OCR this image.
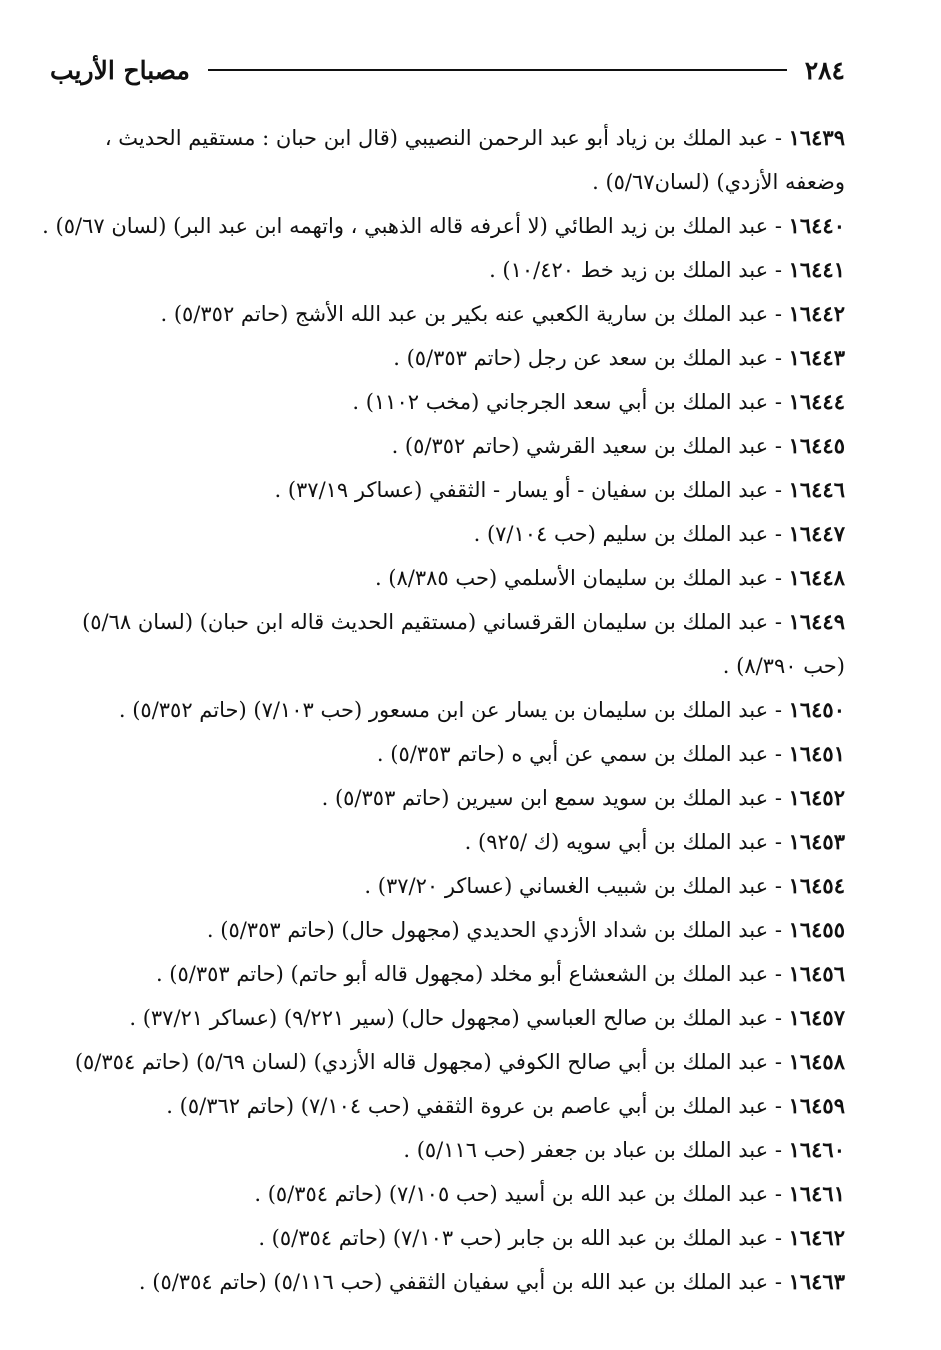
٢٨٤
مصباح الأريب
١٦٤٣٩ - عبد الملك بن زياد أبو عبد الرحمن النصيبي (قال ابن حبان : مستقيم الحديث ، وضعفه الأزدي) (لسان٥/٦٧) .
١٦٤٤٠ - عبد الملك بن زيد الطائي (لا أعرفه قاله الذهبي ، واتهمه ابن عبد البر) (لسان ٥/٦٧) .
١٦٤٤١ - عبد الملك بن زيد خط ١٠/٤٢٠) .
١٦٤٤٢ - عبد الملك بن سارية الكعبي عنه بكير بن عبد الله الأشج (حاتم ٥/٣٥٢) .
١٦٤٤٣ - عبد الملك بن سعد عن رجل (حاتم ٥/٣٥٣) .
١٦٤٤٤ - عبد الملك بن أبي سعد الجرجاني (مخب ١١٠٢) .
١٦٤٤٥ - عبد الملك بن سعيد القرشي (حاتم ٥/٣٥٢) .
١٦٤٤٦ - عبد الملك بن سفيان - أو يسار - الثقفي (عساكر ٣٧/١٩) .
١٦٤٤٧ - عبد الملك بن سليم (حب ٧/١٠٤) .
١٦٤٤٨ - عبد الملك بن سليمان الأسلمي (حب ٨/٣٨٥) .
١٦٤٤٩ - عبد الملك بن سليمان القرقساني (مستقيم الحديث قاله ابن حبان) (لسان ٥/٦٨) (حب ٨/٣٩٠) .
١٦٤٥٠ - عبد الملك بن سليمان بن يسار عن ابن مسعور (حب ٧/١٠٣) (حاتم ٥/٣٥٢) .
١٦٤٥١ - عبد الملك بن سمي عن أبي ه (حاتم ٥/٣٥٣) .
١٦٤٥٢ - عبد الملك بن سويد سمع ابن سيرين (حاتم ٥/٣٥٣) .
١٦٤٥٣ - عبد الملك بن أبي سويه (ك /٩٢٥) .
١٦٤٥٤ - عبد الملك بن شبيب الغساني (عساكر ٣٧/٢٠) .
١٦٤٥٥ - عبد الملك بن شداد الأزدي الحديدي (مجهول حال) (حاتم ٥/٣٥٣) .
١٦٤٥٦ - عبد الملك بن الشعشاع أبو مخلد (مجهول قاله أبو حاتم) (حاتم ٥/٣٥٣) .
١٦٤٥٧ - عبد الملك بن صالح العباسي (مجهول حال) (سير ٩/٢٢١) (عساكر ٣٧/٢١) .
١٦٤٥٨ - عبد الملك بن أبي صالح الكوفي (مجهول قاله الأزدي) (لسان ٥/٦٩) (حاتم ٥/٣٥٤)
١٦٤٥٩ - عبد الملك بن أبي عاصم بن عروة الثقفي (حب ٧/١٠٤) (حاتم ٥/٣٦٢) .
١٦٤٦٠ - عبد الملك بن عباد بن جعفر (حب ٥/١١٦) .
١٦٤٦١ - عبد الملك بن عبد الله بن أسيد (حب ٧/١٠٥) (حاتم ٥/٣٥٤) .
١٦٤٦٢ - عبد الملك بن عبد الله بن جابر (حب ٧/١٠٣) (حاتم ٥/٣٥٤) .
١٦٤٦٣ - عبد الملك بن عبد الله بن أبي سفيان الثقفي (حب ٥/١١٦) (حاتم ٥/٣٥٤) .
